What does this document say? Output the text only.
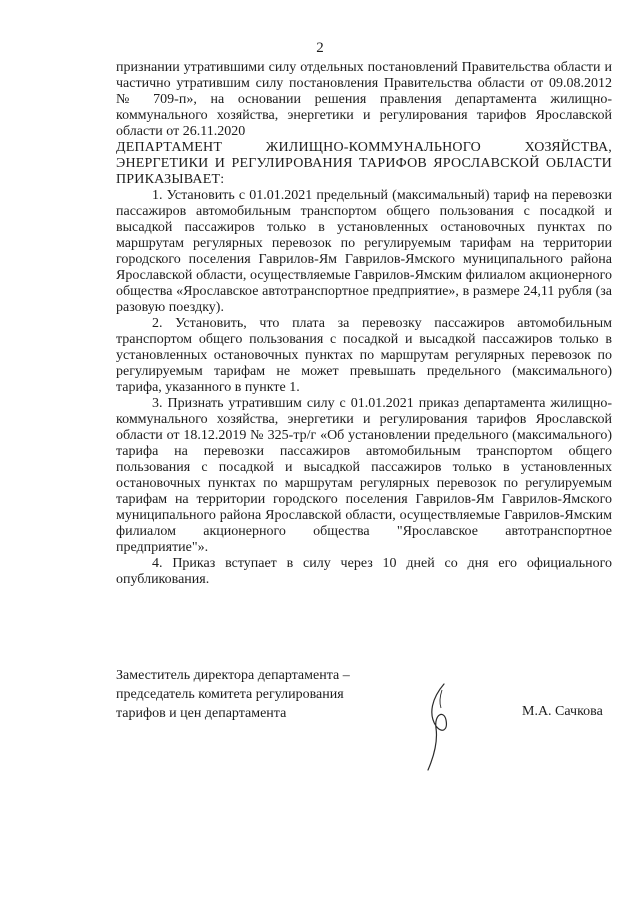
2

признании утратившими силу отдельных постановлений Правительства области и частично утратившим силу постановления Правительства области от 09.08.2012 № 709-п», на основании решения правления департамента жилищно-коммунального хозяйства, энергетики и регулирования тарифов Ярославской области от 26.11.2020

ДЕПАРТАМЕНТ ЖИЛИЩНО-КОММУНАЛЬНОГО ХОЗЯЙСТВА, ЭНЕРГЕТИКИ И РЕГУЛИРОВАНИЯ ТАРИФОВ ЯРОСЛАВСКОЙ ОБЛАСТИ ПРИКАЗЫВАЕТ:

1. Установить с 01.01.2021 предельный (максимальный) тариф на перевозки пассажиров автомобильным транспортом общего пользования с посадкой и высадкой пассажиров только в установленных остановочных пунктах по маршрутам регулярных перевозок по регулируемым тарифам на территории городского поселения Гаврилов-Ям Гаврилов-Ямского муниципального района Ярославской области, осуществляемые Гаврилов-Ямским филиалом акционерного общества «Ярославское автотранспортное предприятие», в размере 24,11 рубля (за разовую поездку).

2. Установить, что плата за перевозку пассажиров автомобильным транспортом общего пользования с посадкой и высадкой пассажиров только в установленных остановочных пунктах по маршрутам регулярных перевозок по регулируемым тарифам не может превышать предельного (максимального) тарифа, указанного в пункте 1.

3. Признать утратившим силу с 01.01.2021 приказ департамента жилищно-коммунального хозяйства, энергетики и регулирования тарифов Ярославской области от 18.12.2019 № 325-тр/г «Об установлении предельного (максимального) тарифа на перевозки пассажиров автомобильным транспортом общего пользования с посадкой и высадкой пассажиров только в установленных остановочных пунктах по маршрутам регулярных перевозок по регулируемым тарифам на территории городского поселения Гаврилов-Ям Гаврилов-Ямского муниципального района Ярославской области, осуществляемые Гаврилов-Ямским филиалом акционерного общества "Ярославское автотранспортное предприятие"».

4. Приказ вступает в силу через 10 дней со дня его официального опубликования.

Заместитель директора департамента –
председатель комитета регулирования
тарифов и цен департамента	М.А. Сачкова
